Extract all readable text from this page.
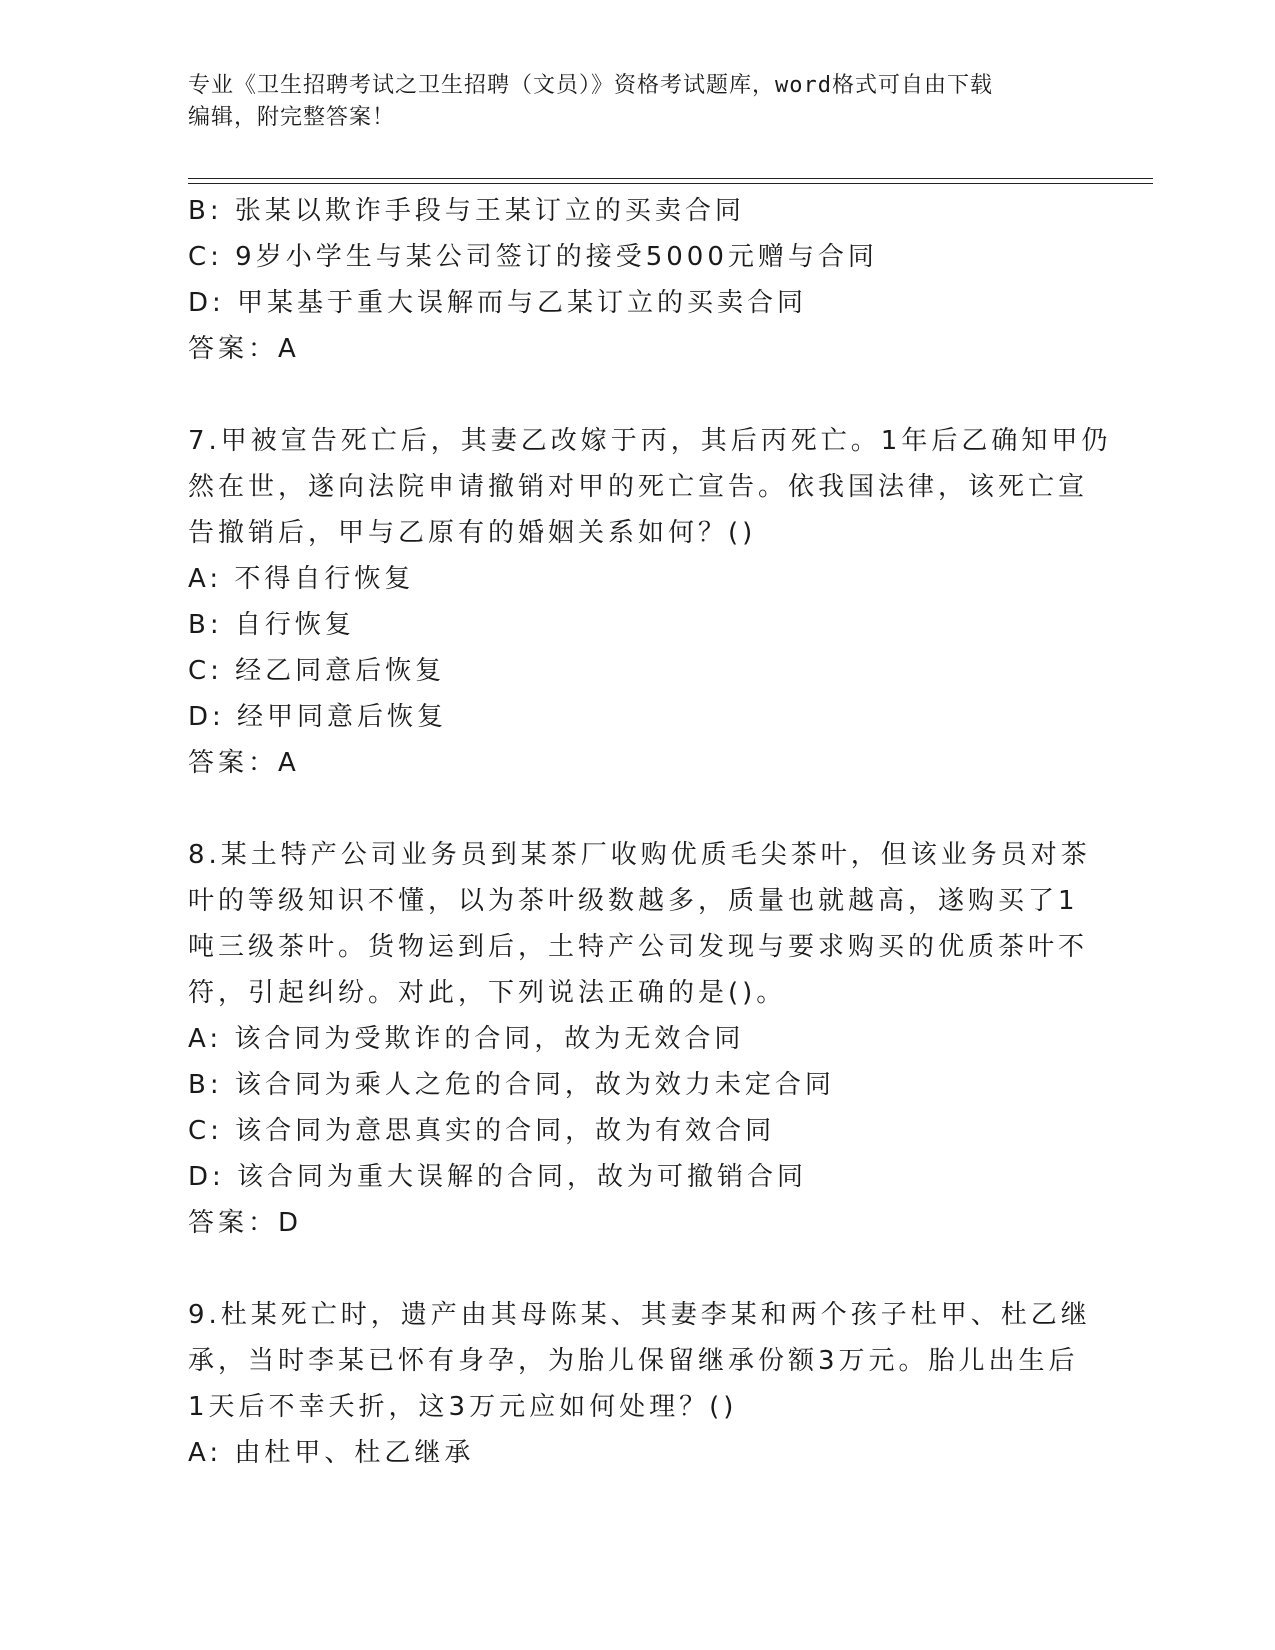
专业《卫生招聘考试之卫生招聘（文员）》资格考试题库，word格式可自由下载
编辑，附完整答案！
B: 张某以欺诈手段与王某订立的买卖合同
C: 9岁小学生与某公司签订的接受5000元赠与合同
D: 甲某基于重大误解而与乙某订立的买卖合同
答案：A
7.甲被宣告死亡后，其妻乙改嫁于丙，其后丙死亡。1年后乙确知甲仍
然在世，遂向法院申请撤销对甲的死亡宣告。依我国法律，该死亡宣
告撤销后，甲与乙原有的婚姻关系如何？()
A: 不得自行恢复
B: 自行恢复
C: 经乙同意后恢复
D: 经甲同意后恢复
答案：A
8.某土特产公司业务员到某茶厂收购优质毛尖茶叶，但该业务员对茶
叶的等级知识不懂，以为茶叶级数越多，质量也就越高，遂购买了1
吨三级茶叶。货物运到后，土特产公司发现与要求购买的优质茶叶不
符，引起纠纷。对此，下列说法正确的是()。
A: 该合同为受欺诈的合同，故为无效合同
B: 该合同为乘人之危的合同，故为效力未定合同
C: 该合同为意思真实的合同，故为有效合同
D: 该合同为重大误解的合同，故为可撤销合同
答案：D
9.杜某死亡时，遗产由其母陈某、其妻李某和两个孩子杜甲、杜乙继
承，当时李某已怀有身孕，为胎儿保留继承份额3万元。胎儿出生后
1天后不幸夭折，这3万元应如何处理？()
A: 由杜甲、杜乙继承
